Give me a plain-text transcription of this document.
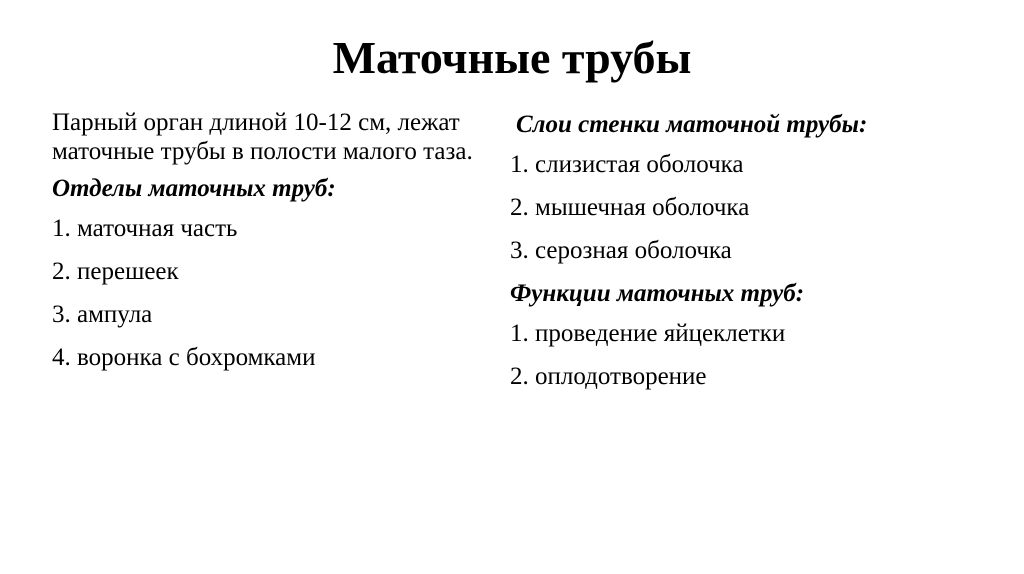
Маточные трубы

Парный орган длиной 10-12 см, лежат маточные трубы в полости малого таза.

Отделы маточных труб:

1. маточная часть
2. перешеек
3. ампула
4. воронка с бохромками

Слои стенки маточной трубы:

1. слизистая оболочка
2. мышечная оболочка
3. серозная оболочка

Функции маточных труб:

1. проведение яйцеклетки
2. оплодотворение
